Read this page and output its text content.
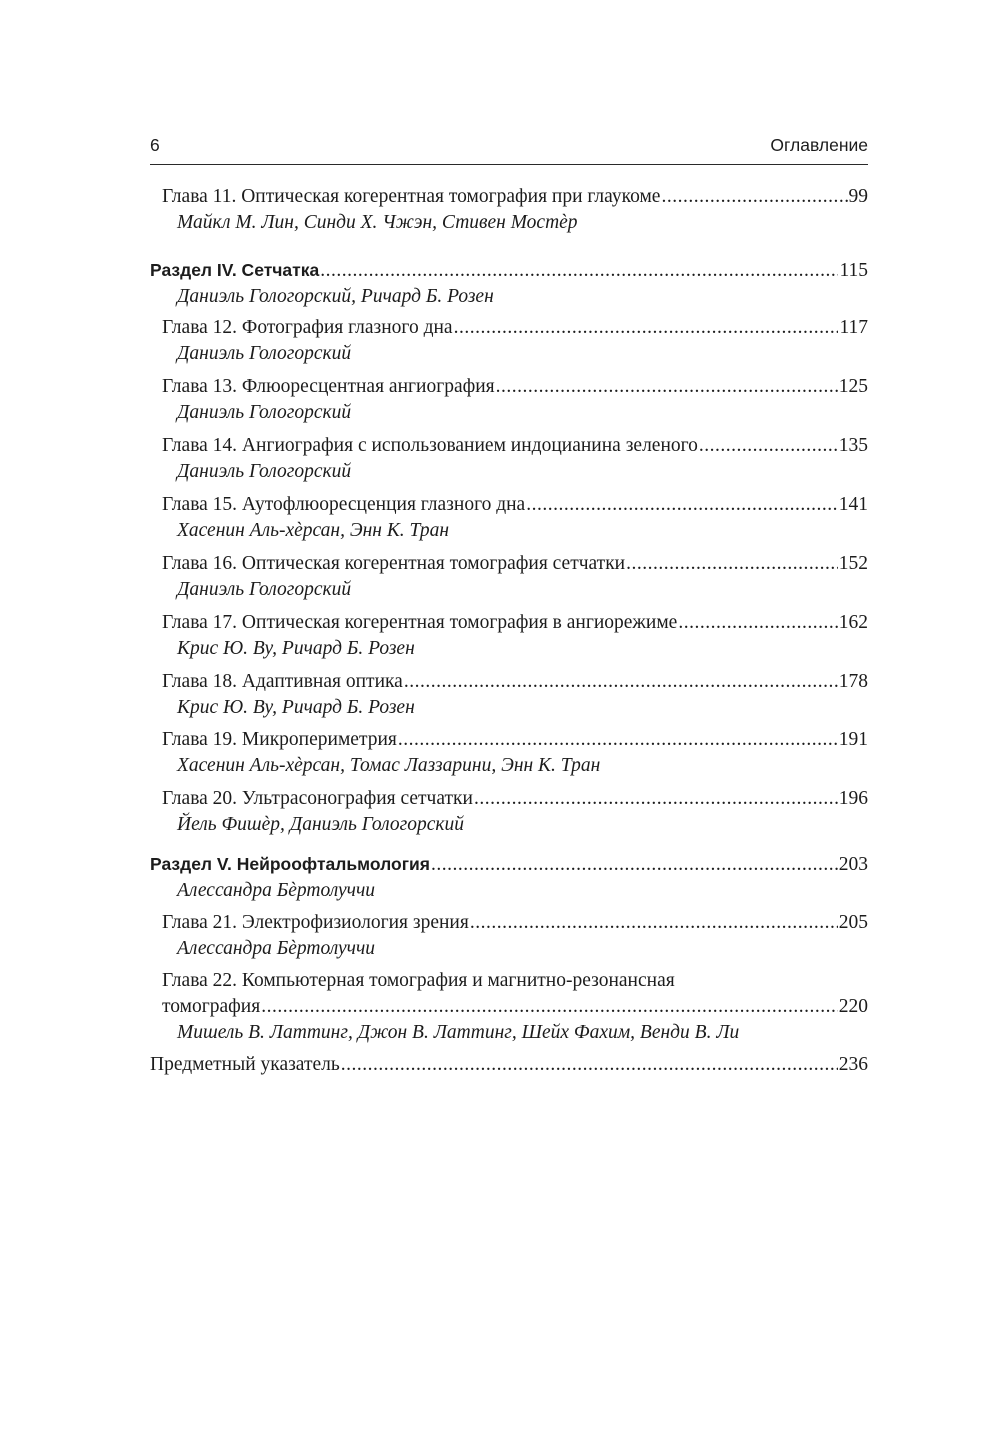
6	Оглавление
Глава 11. Оптическая когерентная томография при глаукоме .....	99
Майкл М. Лин, Синди Х. Чжэн, Стивен Мостѐр
Раздел IV. Сетчатка .....	115
Даниэль Гологорский, Ричард Б. Розен
Глава 12. Фотография глазного дна .....	117
Даниэль Гологорский
Глава 13. Флюоресцентная ангиография .....	125
Даниэль Гологорский
Глава 14. Ангиография с использованием индоцианина зеленого .....	135
Даниэль Гологорский
Глава 15. Аутофлюоресценция глазного дна .....	141
Хасенин Аль-хѐрсан, Энн К. Тран
Глава 16. Оптическая когерентная томография сетчатки .....	152
Даниэль Гологорский
Глава 17. Оптическая когерентная томография в ангиорежиме .....	162
Крис Ю. Ву, Ричард Б. Розен
Глава 18. Адаптивная оптика .....	178
Крис Ю. Ву, Ричард Б. Розен
Глава 19. Микропериметрия .....	191
Хасенин Аль-хѐрсан, Томас Лаззарини, Энн К. Тран
Глава 20. Ультрасонография сетчатки .....	196
Йель Фишѐр, Даниэль Гологорский
Раздел V. Нейроофтальмология .....	203
Алессандра Бѐртолуччи
Глава 21. Электрофизиология зрения .....	205
Алессандра Бѐртолуччи
Глава 22. Компьютерная томография и магнитно-резонансная
томография .....	220
Мишель В. Латтинг, Джон В. Латтинг, Шейх Фахим, Венди В. Ли
Предметный указатель .....	236
